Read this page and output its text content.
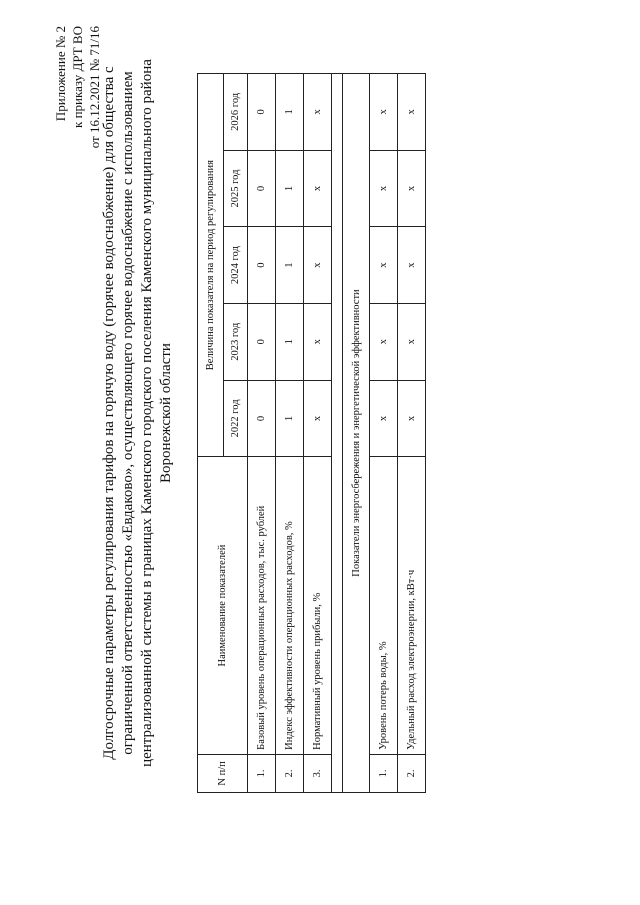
Приложение № 2 к приказу ДРТ ВО от 16.12.2021 № 71/16 Долгосрочные параметры регулирования тарифов на горячую воду (горячее водоснабжение) для общества с ограниченной ответственностью «Евдаково», осуществляющего горячее водоснабжение с использованием централизованной системы в границах Каменского городского поселения Каменского муниципального района Воронежской области
N п/п	Наименование показателей	Величина показателя на период регулирования				
		2022 год	2023 год	2024 год	2025 год	2026 год
1.	Базовый уровень операционных расходов, тыс. рублей	0	0	0	0	0
2.	Индекс эффективности операционных расходов, %	1	1	1	1	1
3.	Нормативный уровень прибыли, %	х	х	х	х	х

Показатели энергосбережения и энергетической эффективности						
1.	Уровень потерь воды, %	х	х	х	х	х
2.	Удельный расход электроэнергии, кВт·ч	х	х	х	х	х
